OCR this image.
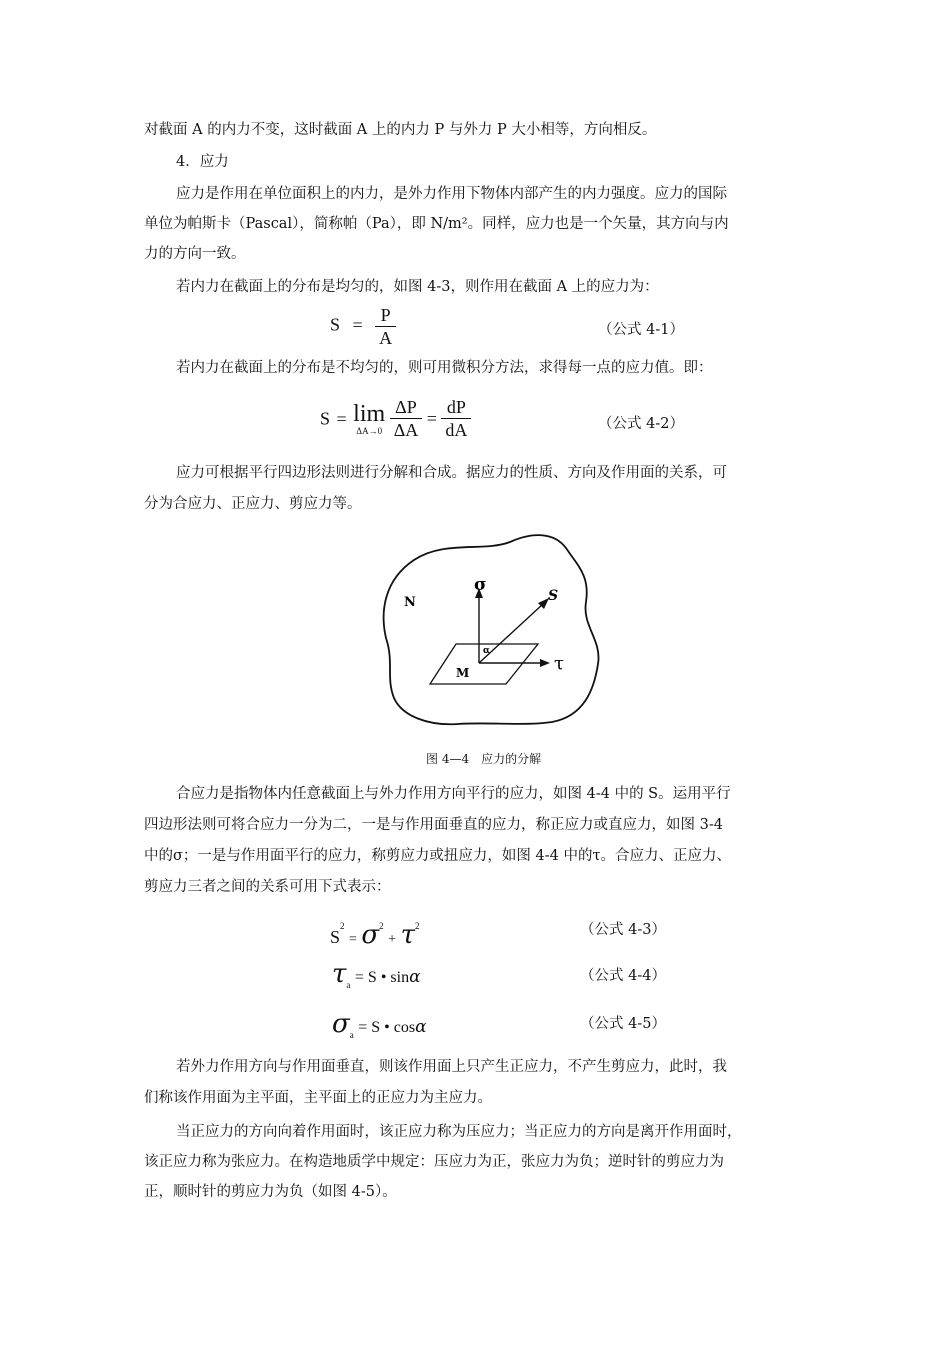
对截面 A 的内力不变，这时截面 A 上的内力 P 与外力 P 大小相等，方向相反。
4．应力
应力是作用在单位面积上的内力，是外力作用下物体内部产生的内力强度。应力的国际
单位为帕斯卡（Pascal），简称帕（Pa），即 N/m²。同样，应力也是一个矢量，其方向与内
力的方向一致。
若内力在截面上的分布是均匀的，如图 4-3，则作用在截面 A 上的应力为：
$S = \frac{P}{A}$	（公式 4-1）
若内力在截面上的分布是不均匀的，则可用微积分方法，求得每一点的应力值。即：
S = lim
ΔA→0
$\frac{\Delta P}{\Delta A} = \frac{dP}{dA}$	（公式 4-2）
应力可根据平行四边形法则进行分解和合成。据应力的性质、方向及作用面的关系，可
分为合应力、正应力、剪应力等。
N
M
σ
S
α
τ
图 4—4　应力的分解
合应力是指物体内任意截面上与外力作用方向平行的应力，如图 4-4 中的 S。运用平行
四边形法则可将合应力一分为二，一是与作用面垂直的应力，称正应力或直应力，如图 3-4
中的σ；一是与作用面平行的应力，称剪应力或扭应力，如图 4-4 中的τ。合应力、正应力、
剪应力三者之间的关系可用下式表示：
$S^2 = \sigma^2 + \tau^2$	（公式 4-3）
$\tau_a = S$ • sinα	（公式 4-4）
$\sigma_a = S$ • cosα	（公式 4-5）
若外力作用方向与作用面垂直，则该作用面上只产生正应力，不产生剪应力，此时，我
们称该作用面为主平面，主平面上的正应力为主应力。
当正应力的方向向着作用面时，该正应力称为压应力；当正应力的方向是离开作用面时，
该正应力称为张应力。在构造地质学中规定：压应力为正，张应力为负；逆时针的剪应力为
正，顺时针的剪应力为负（如图 4-5）。
